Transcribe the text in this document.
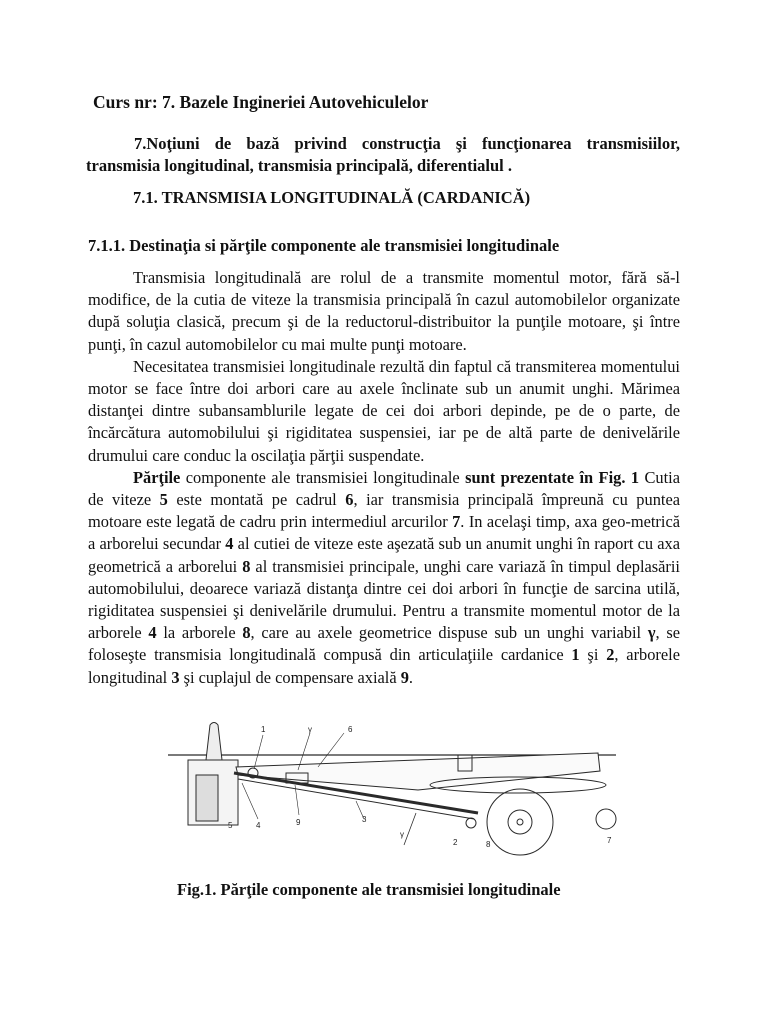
Curs nr: 7. Bazele Ingineriei Autovehiculelor
7.Noţiuni de bază privind construcţia şi funcţionarea transmisiilor, transmisia longitudinal, transmisia principală, diferentialul .
7.1. TRANSMISIA LONGITUDINALĂ (CARDANICĂ)
7.1.1. Destinaţia si părţile componente ale transmisiei longitudinale

Transmisia longitudinală are rolul de a transmite momentul motor, fără să-l modifice, de la cutia de viteze la transmisia principală în cazul automobilelor organizate după soluţia clasică, precum şi de la reductorul-distribuitor la punţile motoare, şi între punţi, în cazul automobilelor cu mai multe punţi motoare.

Necesitatea transmisiei longitudinale rezultă din faptul că transmiterea momentului motor se face între doi arbori care au axele înclinate sub un anumit unghi. Mărimea distanţei dintre subansamblurile legate de cei doi arbori depinde, pe de o parte, de încărcătura automobilului şi rigiditatea suspensiei, iar pe de altă parte de denivelările drumului care conduc la oscilaţia părţii suspendate.

Părţile componente ale transmisiei longitudinale sunt prezentate în Fig. 1 Cutia de viteze 5 este montată pe cadrul 6, iar transmisia principală împreună cu puntea motoare este legată de cadru prin intermediul arcurilor 7. In acelaşi timp, axa geo-metrică a arborelui secundar 4 al cutiei de viteze este aşezată sub un anumit unghi în raport cu axa geometrică a arborelui 8 al transmisiei principale, unghi care variază în timpul deplasării automobilului, deoarece variază distanţa dintre cei doi arbori în funcţie de sarcina utilă, rigiditatea suspensiei şi denivelările drumului. Pentru a transmite momentul motor de la arborele 4 la arborele 8, care au axele geometrice dispuse sub un unghi variabil γ, se foloseşte transmisia longitudinală compusă din articulaţiile cardanice 1 şi 2, arborele longitudinal 3 şi cuplajul de compensare axială 9.

1	γ	6
5	4	9	3
γ
2	8	7
Fig.1. Părţile componente ale transmisiei longitudinale
